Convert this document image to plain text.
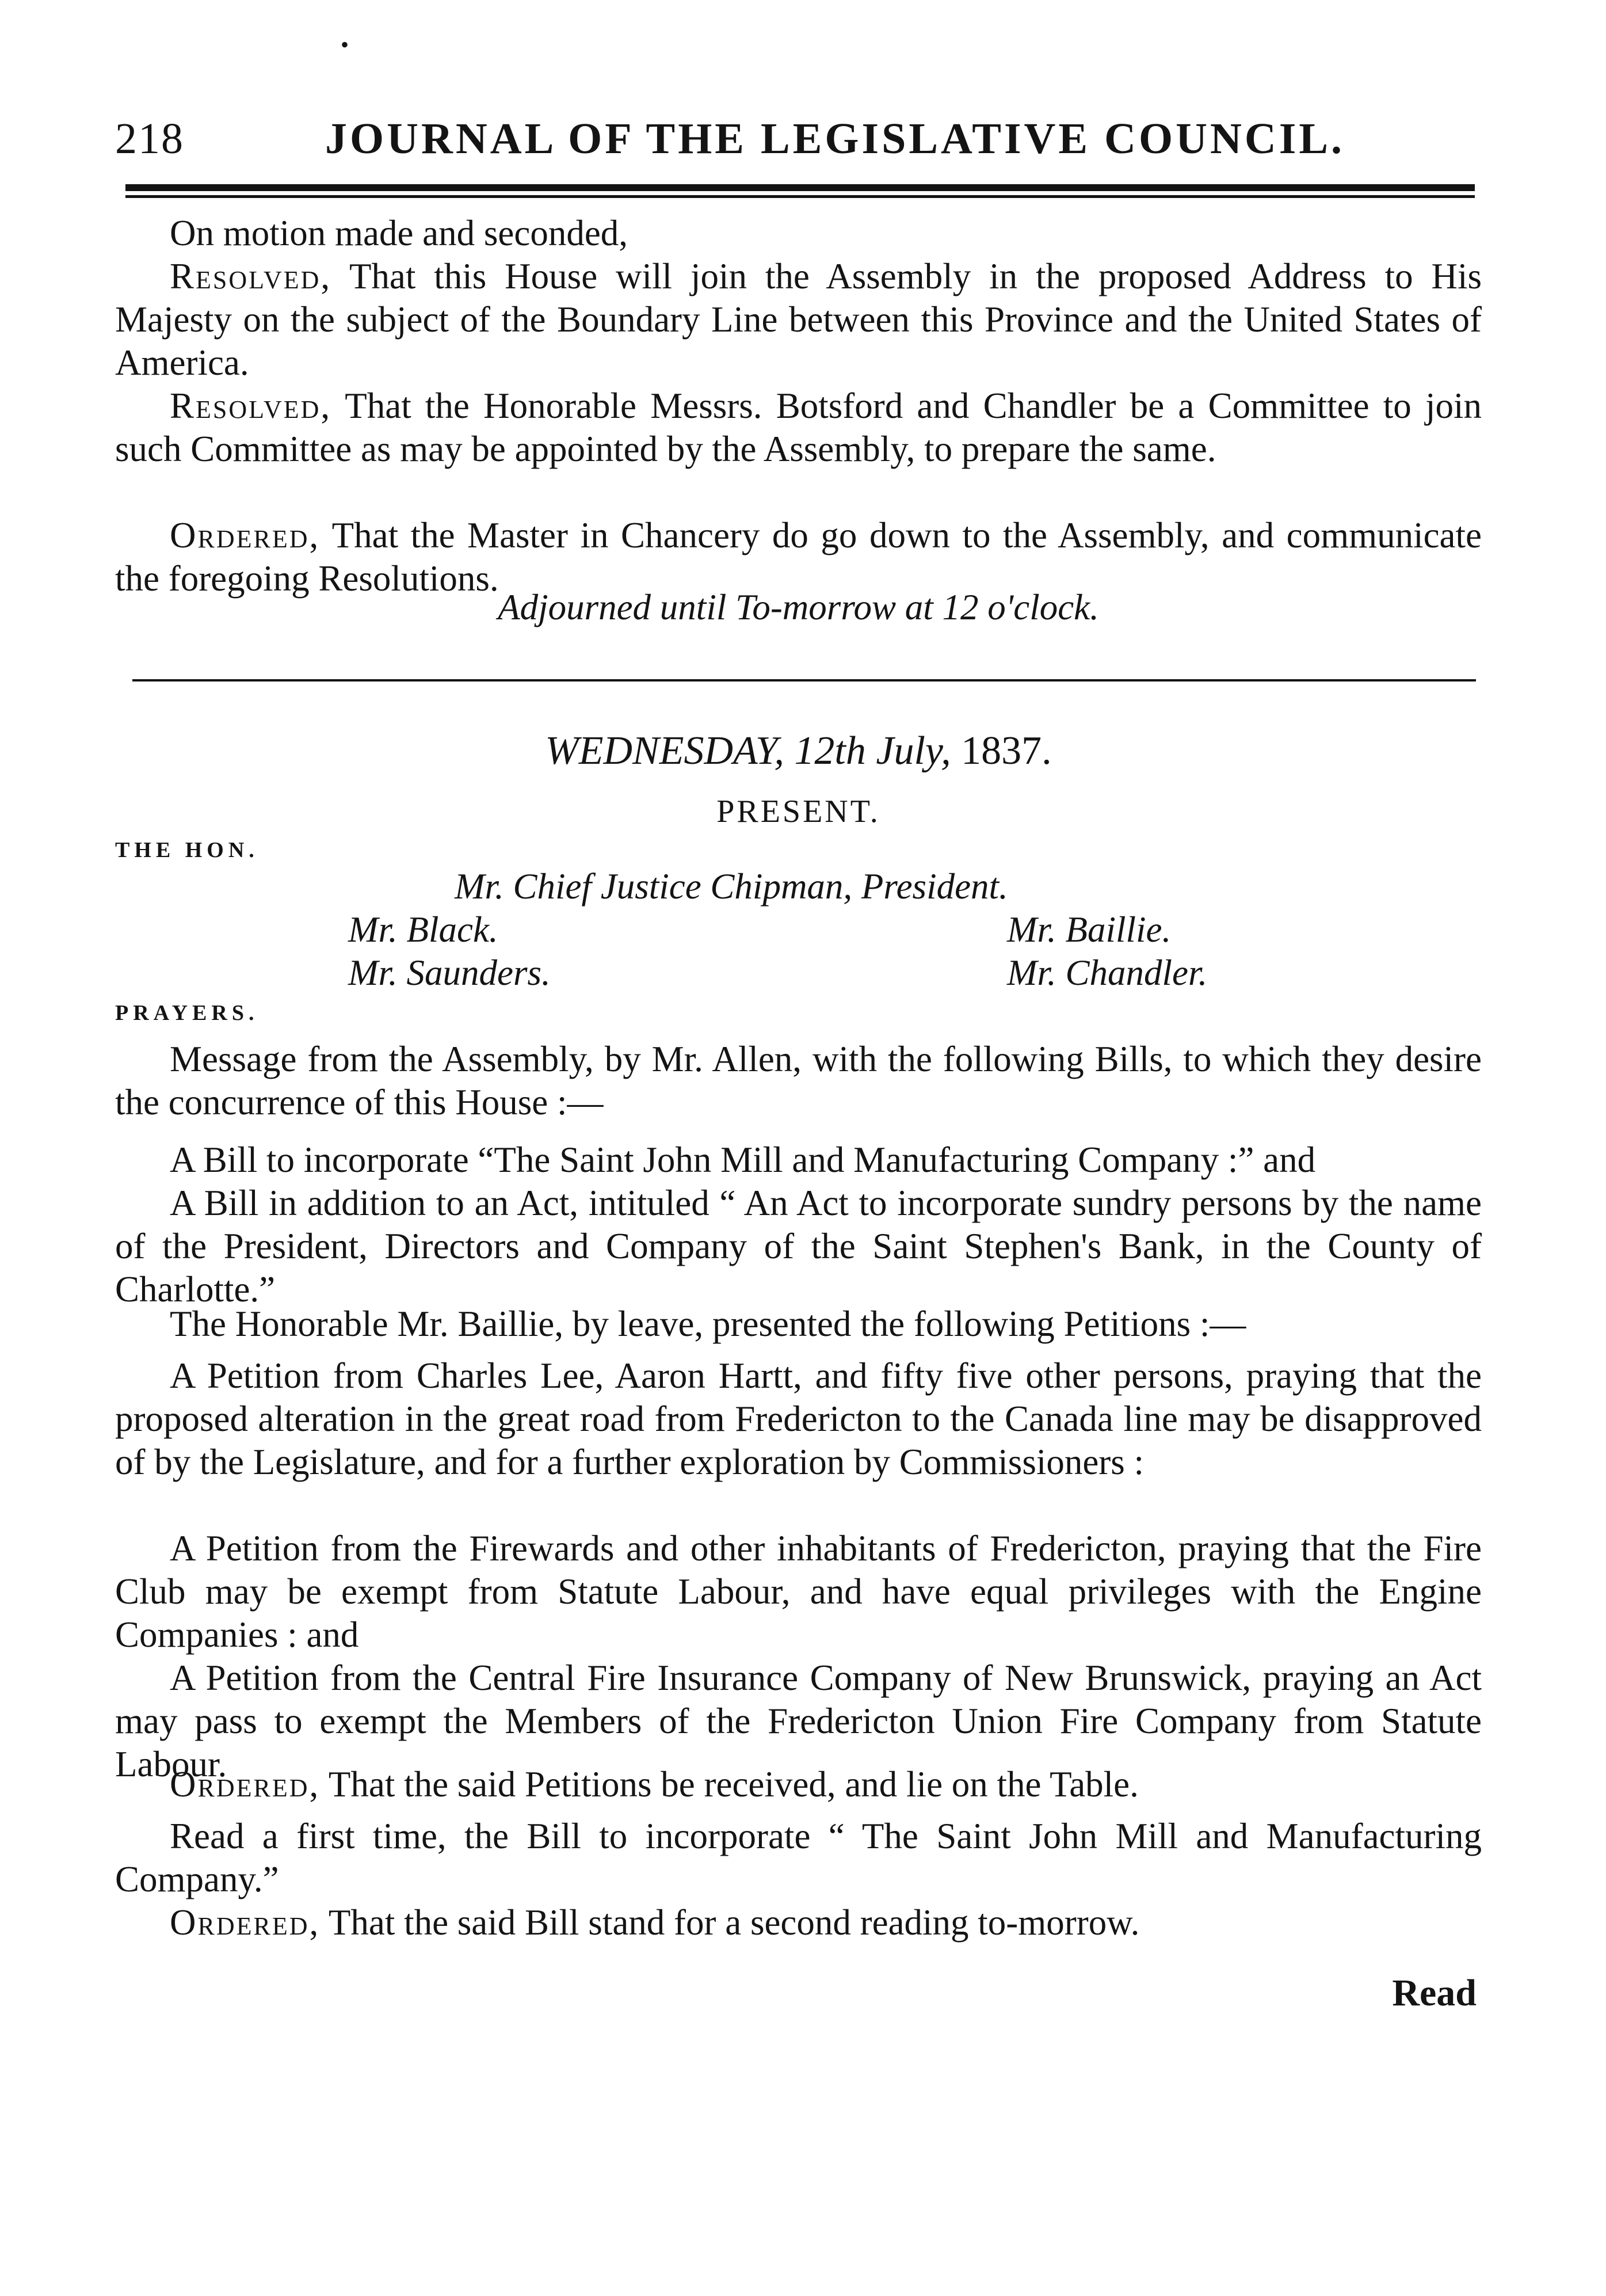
•
218	JOURNAL OF THE LEGISLATIVE COUNCIL.

On motion made and seconded,

Resolved, That this House will join the Assembly in the proposed Address to His Majesty on the subject of the Boundary Line between this Province and the United States of America.

Resolved, That the Honorable Messrs. Botsford and Chandler be a Committee to join such Committee as may be appointed by the Assembly, to prepare the same.

Ordered, That the Master in Chancery do go down to the Assembly, and communicate the foregoing Resolutions.

Adjourned until To-morrow at 12 o'clock.

WEDNESDAY, 12th July, 1837.
PRESENT.
THE HON.
Mr. Chief Justice Chipman, President.
Mr. Black.	Mr. Baillie.
Mr. Saunders.	Mr. Chandler.
PRAYERS.

Message from the Assembly, by Mr. Allen, with the following Bills, to which they desire the concurrence of this House :—

A Bill to incorporate “The Saint John Mill and Manufacturing Company :” and

A Bill in addition to an Act, intituled “ An Act to incorporate sundry persons by the name of the President, Directors and Company of the Saint Stephen's Bank, in the County of Charlotte.”

The Honorable Mr. Baillie, by leave, presented the following Petitions :—

A Petition from Charles Lee, Aaron Hartt, and fifty five other persons, praying that the proposed alteration in the great road from Fredericton to the Canada line may be disapproved of by the Legislature, and for a further exploration by Commissioners :

A Petition from the Firewards and other inhabitants of Fredericton, praying that the Fire Club may be exempt from Statute Labour, and have equal privileges with the Engine Companies : and

A Petition from the Central Fire Insurance Company of New Brunswick, praying an Act may pass to exempt the Members of the Fredericton Union Fire Company from Statute Labour.

Ordered, That the said Petitions be received, and lie on the Table.

Read a first time, the Bill to incorporate “ The Saint John Mill and Manufacturing Company.”

Ordered, That the said Bill stand for a second reading to-morrow.

Read
